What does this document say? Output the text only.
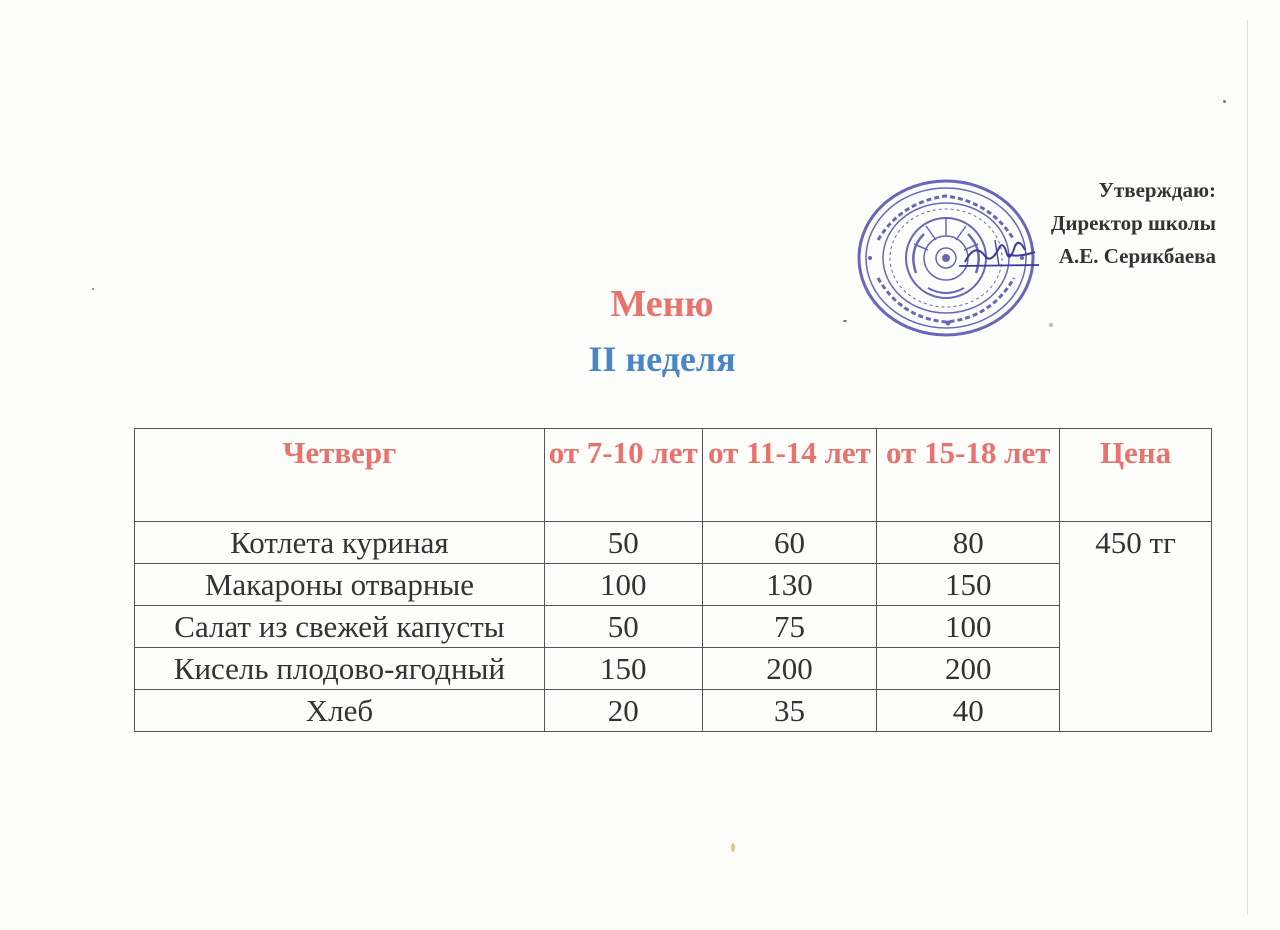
Утверждаю:
Директор школы
А.Е. Серикбаева
Меню
II неделя
Четверг	от 7-10 лет	от 11-14 лет	от 15-18 лет	Цена
Котлета куриная	50	60	80	450 тг
Макароны отварные	100	130	150	
Салат из свежей капусты	50	75	100	
Кисель плодово-ягодный	150	200	200	
Хлеб	20	35	40	
